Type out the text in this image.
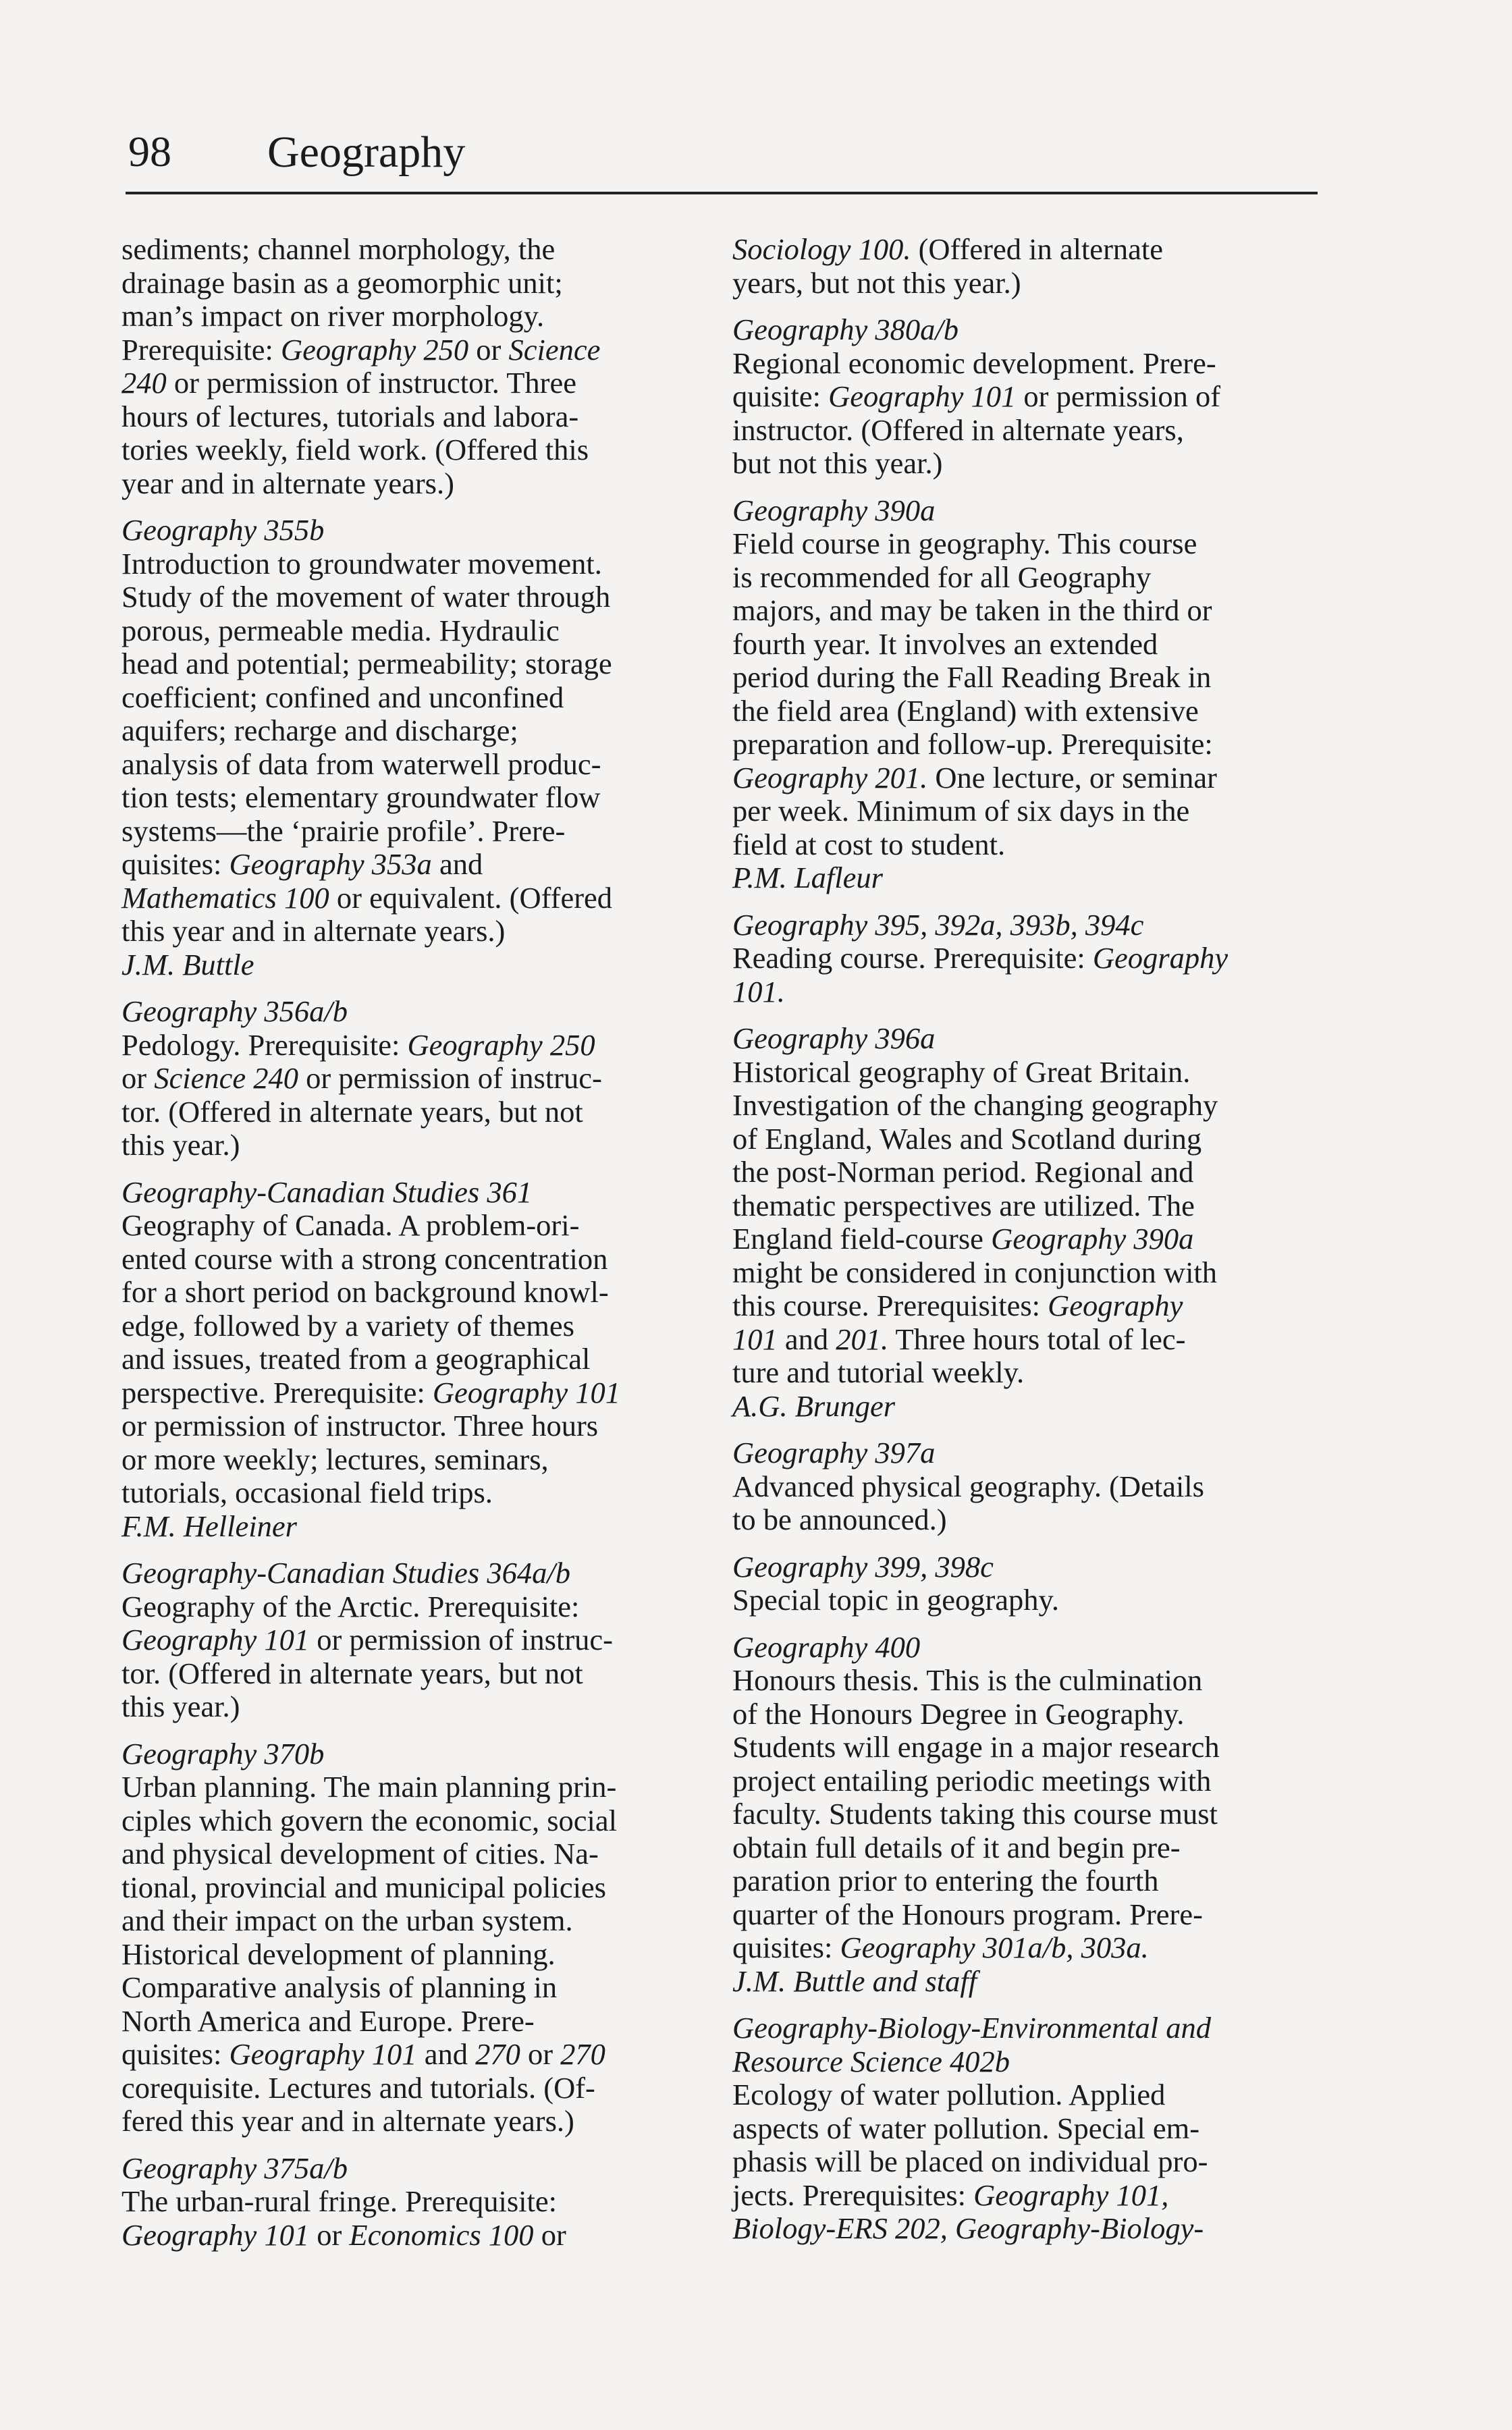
98 Geography
sediments; channel morphology, the
drainage basin as a geomorphic unit;
man’s impact on river morphology.
Prerequisite: Geography 250 or Science
240 or permission of instructor. Three
hours of lectures, tutorials and labora-
tories weekly, field work. (Offered this
year and in alternate years.)
Geography 355b
Introduction to groundwater movement.
Study of the movement of water through
porous, permeable media. Hydraulic
head and potential; permeability; storage
coefficient; confined and unconfined
aquifers; recharge and discharge;
analysis of data from waterwell produc-
tion tests; elementary groundwater flow
systems—the ‘prairie profile’. Prere-
quisites: Geography 353a and
Mathematics 100 or equivalent. (Offered
this year and in alternate years.)
J.M. Buttle
Geography 356a/b
Pedology. Prerequisite: Geography 250
or Science 240 or permission of instruc-
tor. (Offered in alternate years, but not
this year.)
Geography-Canadian Studies 361
Geography of Canada. A problem-ori-
ented course with a strong concentration
for a short period on background knowl-
edge, followed by a variety of themes
and issues, treated from a geographical
perspective. Prerequisite: Geography 101
or permission of instructor. Three hours
or more weekly; lectures, seminars,
tutorials, occasional field trips.
F.M. Helleiner
Geography-Canadian Studies 364a/b
Geography of the Arctic. Prerequisite:
Geography 101 or permission of instruc-
tor. (Offered in alternate years, but not
this year.)
Geography 370b
Urban planning. The main planning prin-
ciples which govern the economic, social
and physical development of cities. Na-
tional, provincial and municipal policies
and their impact on the urban system.
Historical development of planning.
Comparative analysis of planning in
North America and Europe. Prere-
quisites: Geography 101 and 270 or 270
corequisite. Lectures and tutorials. (Of-
fered this year and in alternate years.)
Geography 375a/b
The urban-rural fringe. Prerequisite:
Geography 101 or Economics 100 or
Sociology 100. (Offered in alternate
years, but not this year.)
Geography 380a/b
Regional economic development. Prere-
quisite: Geography 101 or permission of
instructor. (Offered in alternate years,
but not this year.)
Geography 390a
Field course in geography. This course
is recommended for all Geography
majors, and may be taken in the third or
fourth year. It involves an extended
period during the Fall Reading Break in
the field area (England) with extensive
preparation and follow-up. Prerequisite:
Geography 201. One lecture, or seminar
per week. Minimum of six days in the
field at cost to student.
P.M. Lafleur
Geography 395, 392a, 393b, 394c
Reading course. Prerequisite: Geography
101.
Geography 396a
Historical geography of Great Britain.
Investigation of the changing geography
of England, Wales and Scotland during
the post-Norman period. Regional and
thematic perspectives are utilized. The
England field-course Geography 390a
might be considered in conjunction with
this course. Prerequisites: Geography
101 and 201. Three hours total of lec-
ture and tutorial weekly.
A.G. Brunger
Geography 397a
Advanced physical geography. (Details
to be announced.)
Geography 399, 398c
Special topic in geography.
Geography 400
Honours thesis. This is the culmination
of the Honours Degree in Geography.
Students will engage in a major research
project entailing periodic meetings with
faculty. Students taking this course must
obtain full details of it and begin pre-
paration prior to entering the fourth
quarter of the Honours program. Prere-
quisites: Geography 301a/b, 303a.
J.M. Buttle and staff
Geography-Biology-Environmental and
Resource Science 402b
Ecology of water pollution. Applied
aspects of water pollution. Special em-
phasis will be placed on individual pro-
jects. Prerequisites: Geography 101,
Biology-ERS 202, Geography-Biology-
